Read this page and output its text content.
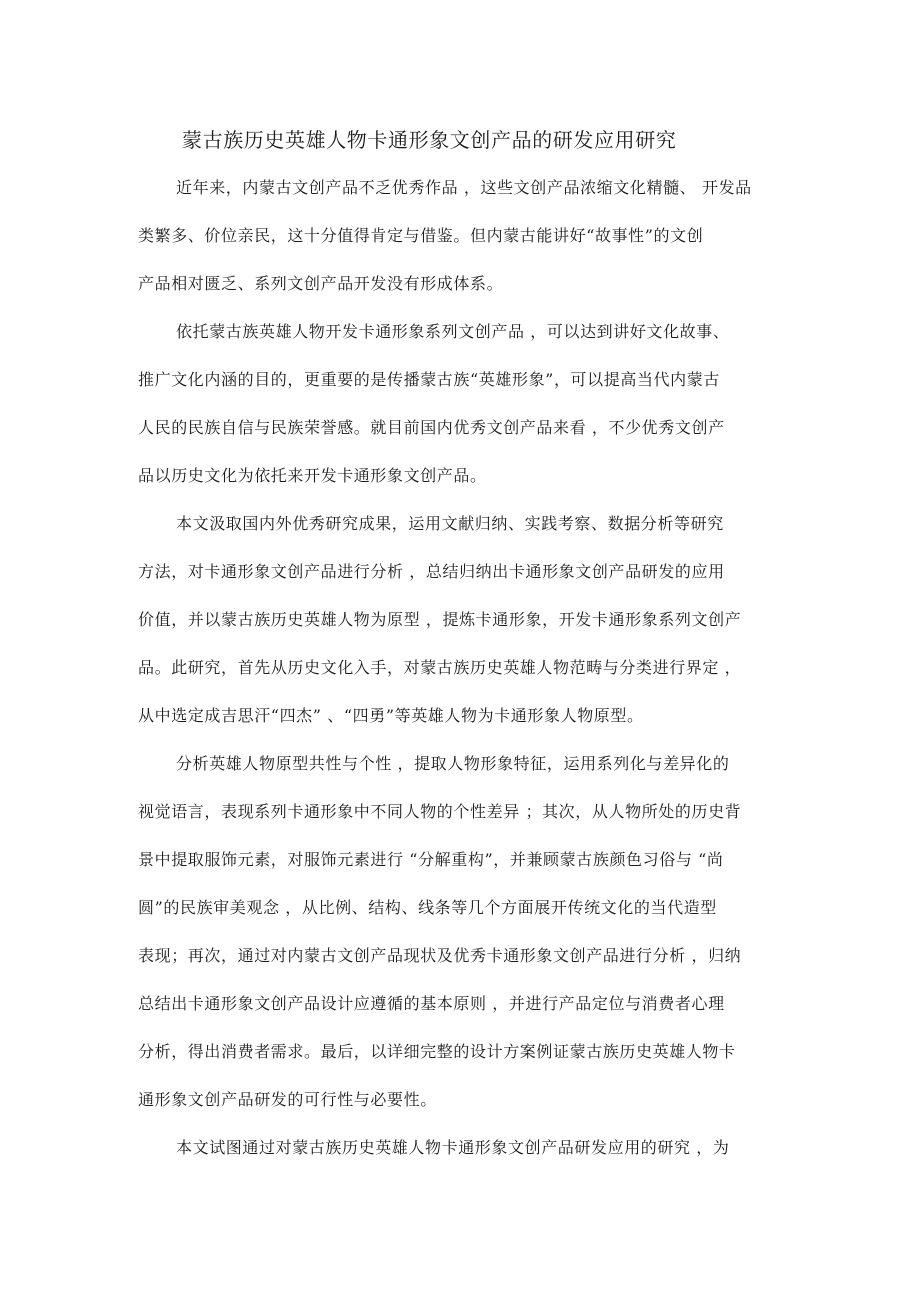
蒙古族历史英雄人物卡通形象文创产品的研发应用研究

近年来，内蒙古文创产品不乏优秀作品 ，这些文创产品浓缩文化精髓、 开发品

类繁多、价位亲民，这十分值得肯定与借鉴。但内蒙古能讲好“故事性”的文创

产品相对匮乏、系列文创产品开发没有形成体系。

依托蒙古族英雄人物开发卡通形象系列文创产品 ，可以达到讲好文化故事、

推广文化内涵的目的，更重要的是传播蒙古族“英雄形象”，可以提高当代内蒙古

人民的民族自信与民族荣誉感。就目前国内优秀文创产品来看 ，不少优秀文创产

品以历史文化为依托来开发卡通形象文创产品。

本文汲取国内外优秀研究成果，运用文献归纳、实践考察、数据分析等研究

方法，对卡通形象文创产品进行分析 ，总结归纳出卡通形象文创产品研发的应用

价值，并以蒙古族历史英雄人物为原型 ，提炼卡通形象，开发卡通形象系列文创产

品。此研究，首先从历史文化入手，对蒙古族历史英雄人物范畴与分类进行界定 ，

从中选定成吉思汗“四杰” 、“四勇”等英雄人物为卡通形象人物原型。

分析英雄人物原型共性与个性 ，提取人物形象特征，运用系列化与差异化的

视觉语言，表现系列卡通形象中不同人物的个性差异 ；其次，从人物所处的历史背

景中提取服饰元素，对服饰元素进行 “分解重构”，并兼顾蒙古族颜色习俗与 “尚

圆”的民族审美观念 ，从比例、结构、线条等几个方面展开传统文化的当代造型

表现；再次，通过对内蒙古文创产品现状及优秀卡通形象文创产品进行分析 ，归纳

总结出卡通形象文创产品设计应遵循的基本原则 ，并进行产品定位与消费者心理

分析，得出消费者需求。最后，以详细完整的设计方案例证蒙古族历史英雄人物卡

通形象文创产品研发的可行性与必要性。

本文试图通过对蒙古族历史英雄人物卡通形象文创产品研发应用的研究 ，为
